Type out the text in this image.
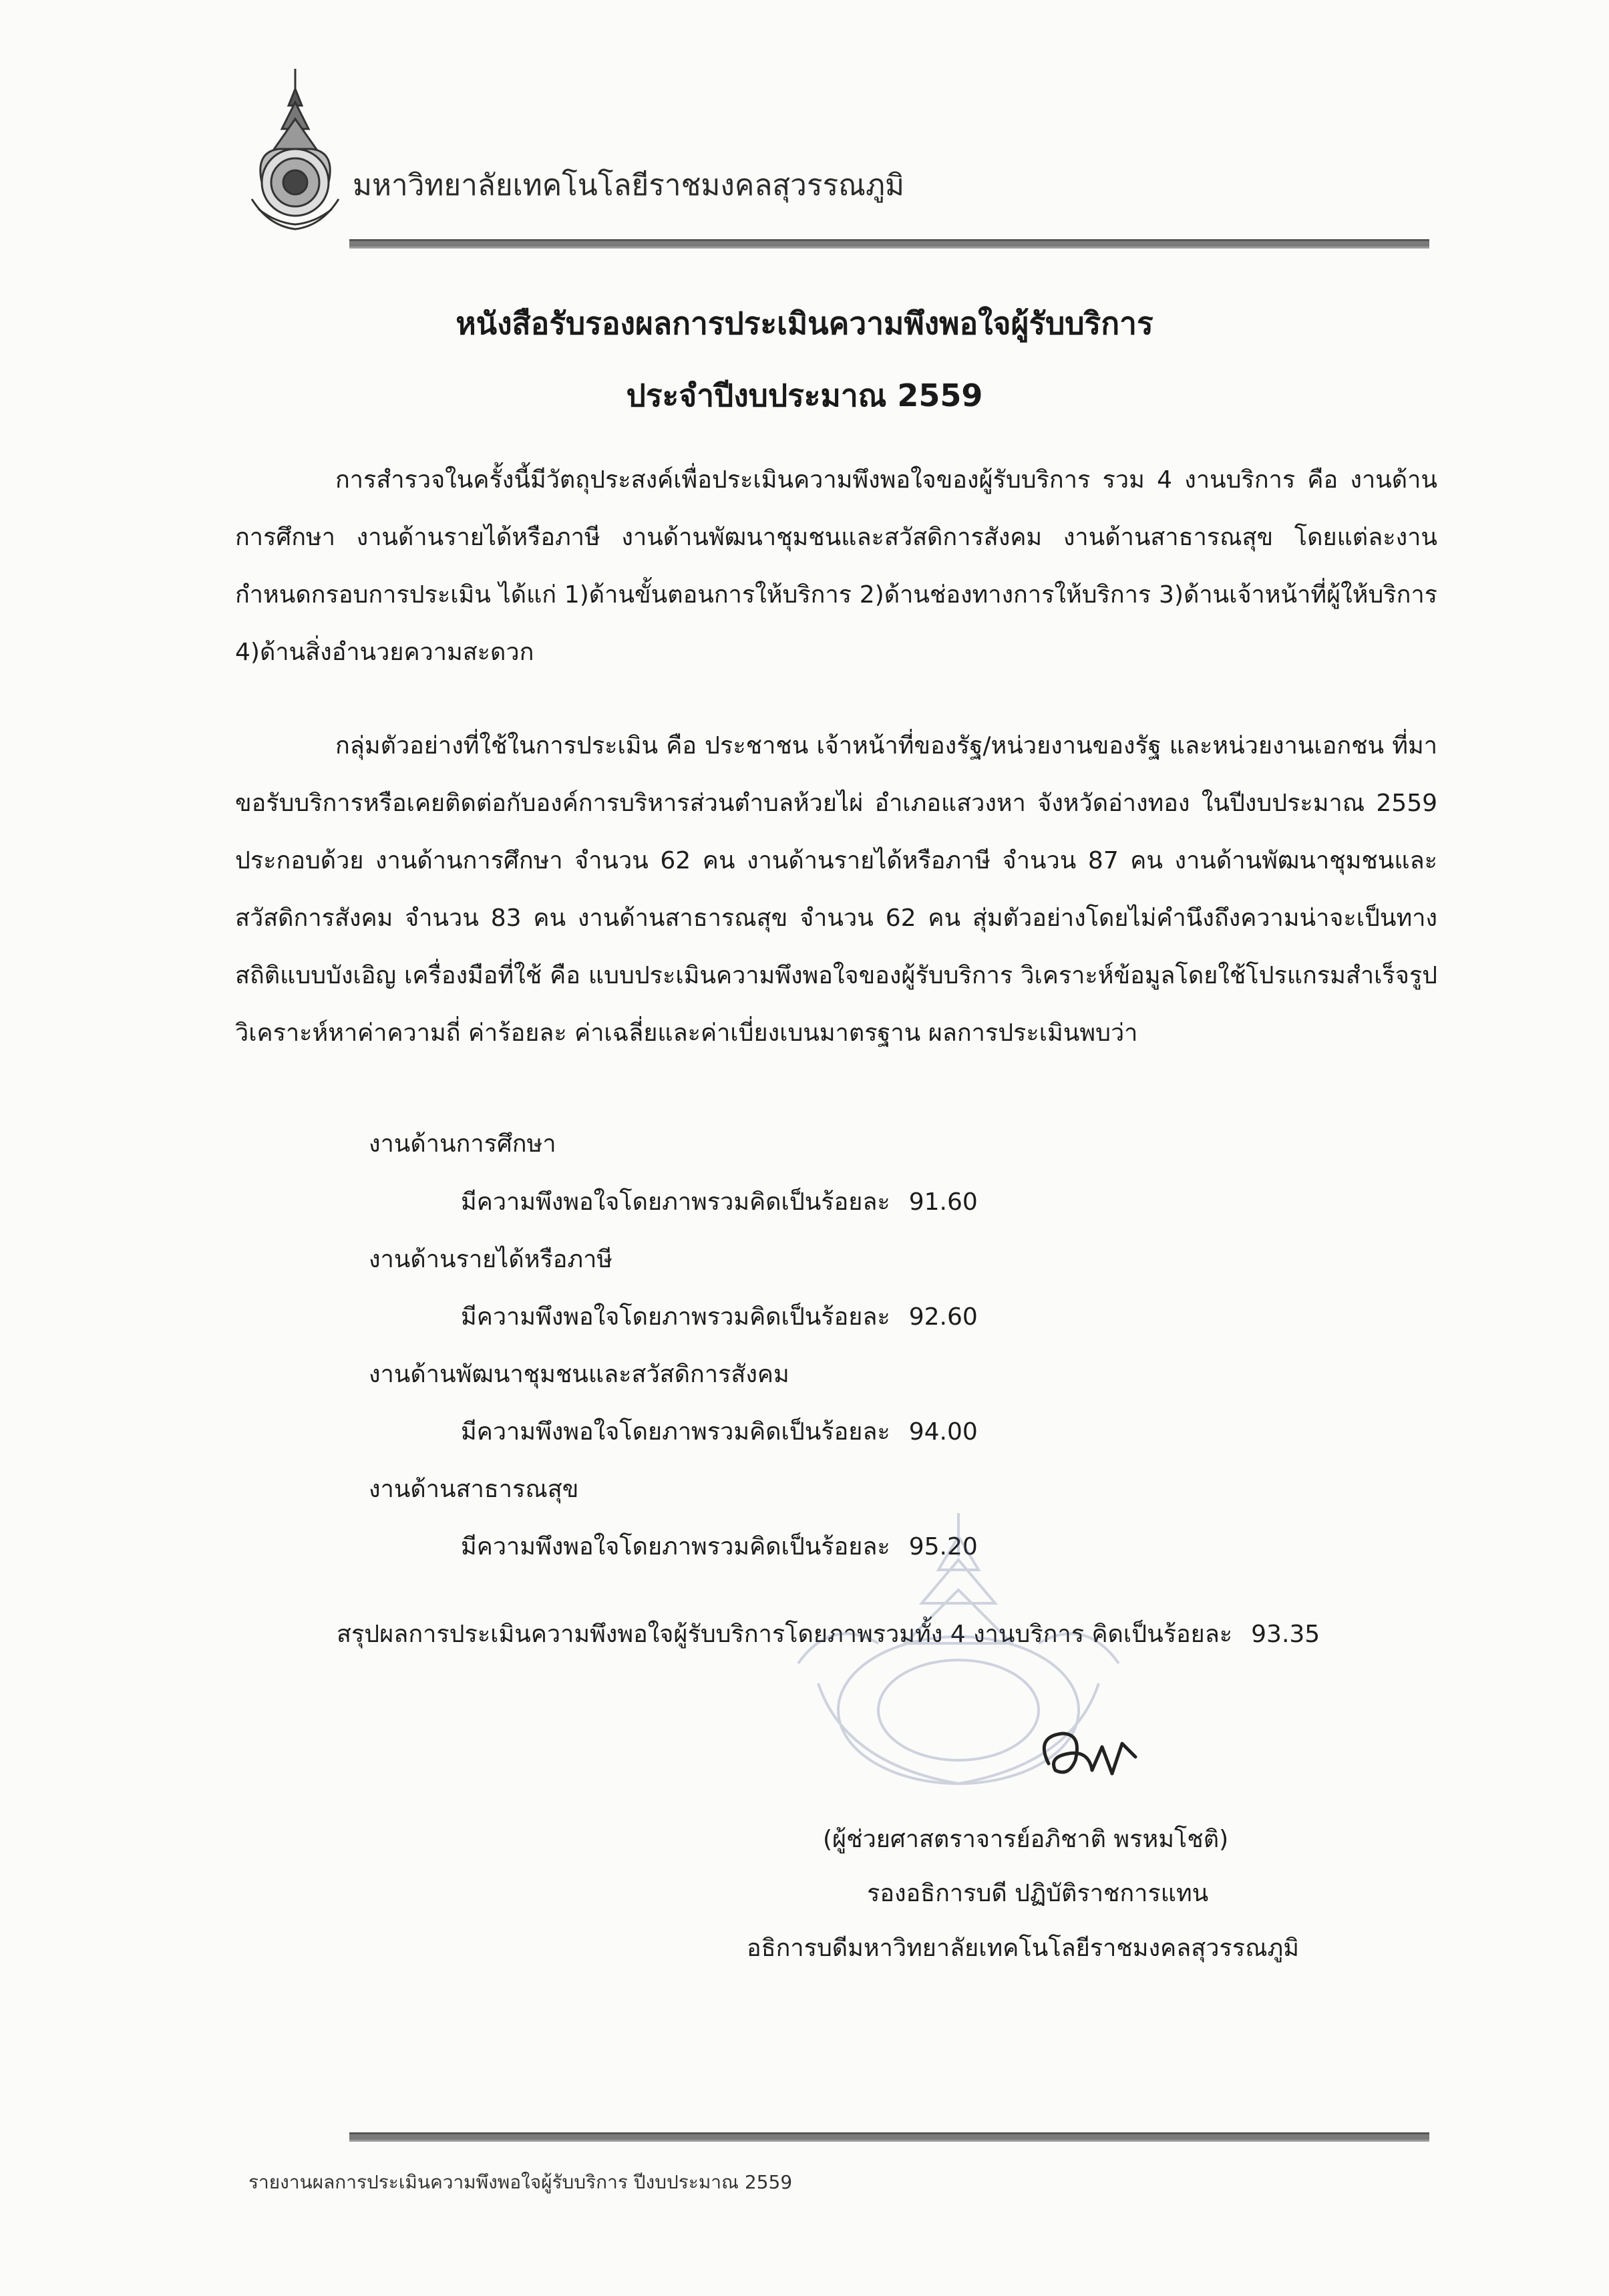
มหาวิทยาลัยเทคโนโลยีราชมงคลสุวรรณภูมิ
หนังสือรับรองผลการประเมินความพึงพอใจผู้รับบริการ
ประจำปีงบประมาณ 2559
การสำรวจในครั้งนี้มีวัตถุประสงค์เพื่อประเมินความพึงพอใจของผู้รับบริการ รวม 4 งานบริการ คือ งานด้านการศึกษา งานด้านรายได้หรือภาษี งานด้านพัฒนาชุมชนและสวัสดิการสังคม งานด้านสาธารณสุข โดยแต่ละงานกำหนดกรอบการประเมิน ได้แก่ 1)ด้านขั้นตอนการให้บริการ 2)ด้านช่องทางการให้บริการ 3)ด้านเจ้าหน้าที่ผู้ให้บริการ 4)ด้านสิ่งอำนวยความสะดวก
กลุ่มตัวอย่างที่ใช้ในการประเมิน คือ ประชาชน เจ้าหน้าที่ของรัฐ/หน่วยงานของรัฐ และหน่วยงานเอกชน ที่มาขอรับบริการหรือเคยติดต่อกับองค์การบริหารส่วนตำบลห้วยไผ่ อำเภอแสวงหา จังหวัดอ่างทอง ในปีงบประมาณ 2559 ประกอบด้วย งานด้านการศึกษา จำนวน 62 คน งานด้านรายได้หรือภาษี จำนวน 87 คน งานด้านพัฒนาชุมชนและสวัสดิการสังคม จำนวน 83 คน งานด้านสาธารณสุข จำนวน 62 คน สุ่มตัวอย่างโดยไม่คำนึงถึงความน่าจะเป็นทางสถิติแบบบังเอิญ เครื่องมือที่ใช้ คือ แบบประเมินความพึงพอใจของผู้รับบริการ วิเคราะห์ข้อมูลโดยใช้โปรแกรมสำเร็จรูปวิเคราะห์หาค่าความถี่ ค่าร้อยละ ค่าเฉลี่ยและค่าเบี่ยงเบนมาตรฐาน ผลการประเมินพบว่า
งานด้านการศึกษา
มีความพึงพอใจโดยภาพรวมคิดเป็นร้อยละ 91.60
งานด้านรายได้หรือภาษี
มีความพึงพอใจโดยภาพรวมคิดเป็นร้อยละ 92.60
งานด้านพัฒนาชุมชนและสวัสดิการสังคม
มีความพึงพอใจโดยภาพรวมคิดเป็นร้อยละ 94.00
งานด้านสาธารณสุข
มีความพึงพอใจโดยภาพรวมคิดเป็นร้อยละ 95.20
สรุปผลการประเมินความพึงพอใจผู้รับบริการโดยภาพรวมทั้ง 4 งานบริการ คิดเป็นร้อยละ 93.35
(ผู้ช่วยศาสตราจารย์อภิชาติ พรหมโชติ)
รองอธิการบดี ปฏิบัติราชการแทน
อธิการบดีมหาวิทยาลัยเทคโนโลยีราชมงคลสุวรรณภูมิ
รายงานผลการประเมินความพึงพอใจผู้รับบริการ ปีงบประมาณ 2559
